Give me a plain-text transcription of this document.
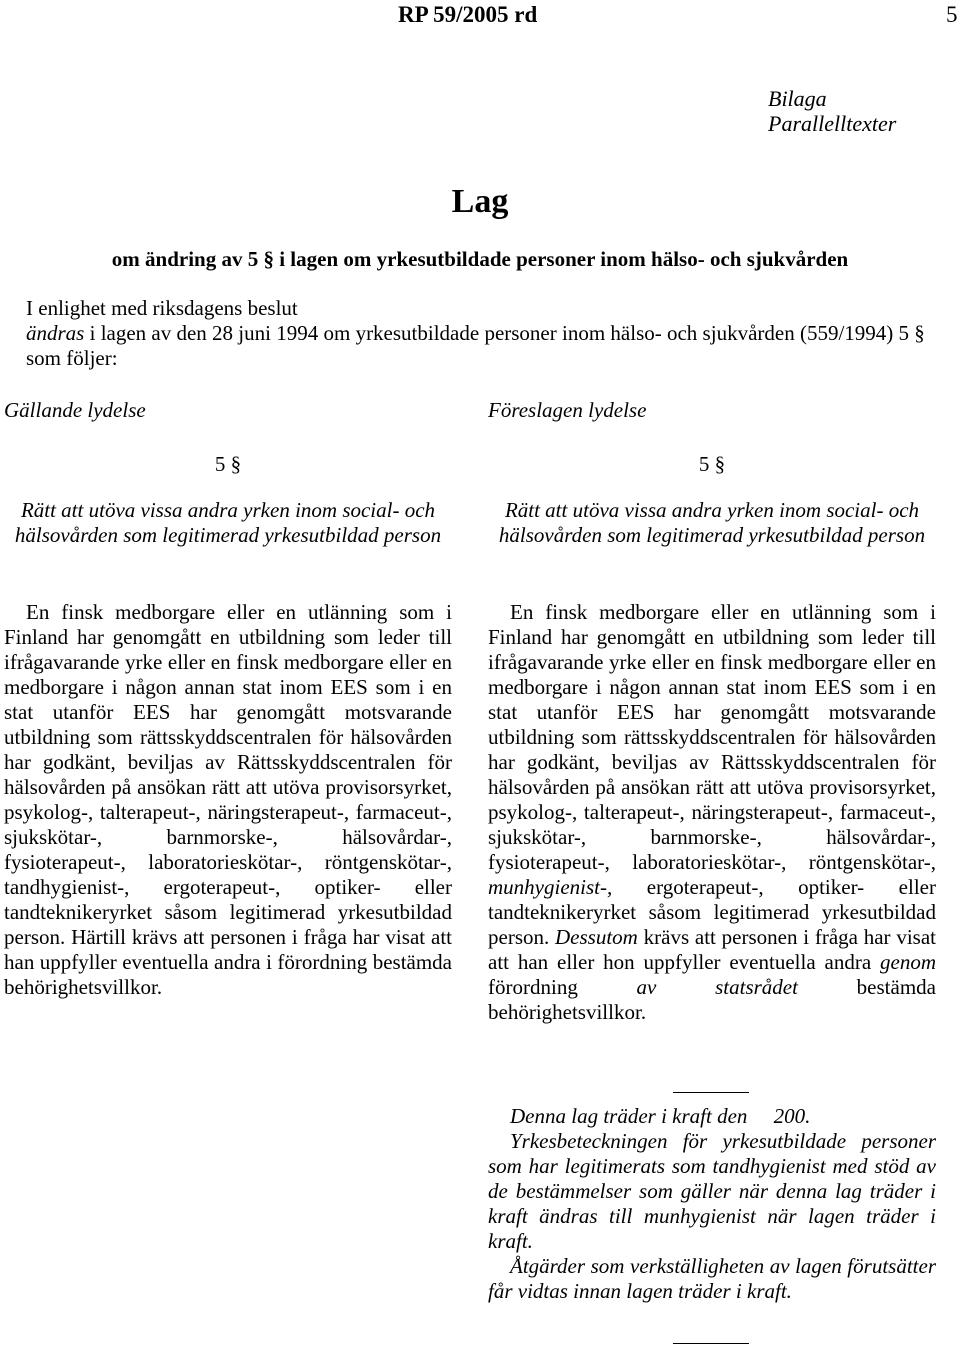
RP 59/2005 rd	5
Bilaga
Parallelltexter
Lag
om ändring av 5 § i lagen om yrkesutbildade personer inom hälso- och sjukvården

I enlighet med riksdagens beslut

ändras i lagen av den 28 juni 1994 om yrkesutbildade personer inom hälso- och sjukvården (559/1994) 5 § som följer:

Gällande lydelse
5 §
Rätt att utöva vissa andra yrken inom social- och hälsovården som legitimerad yrkesutbildad person

En finsk medborgare eller en utlänning som i Finland har genomgått en utbildning som leder till ifrågavarande yrke eller en finsk medborgare eller en medborgare i någon annan stat inom EES som i en stat utanför EES har genomgått motsvarande utbildning som rättsskyddscentralen för hälsovården har godkänt, beviljas av Rättsskyddscentralen för hälsovården på ansökan rätt att utöva provisorsyrket, psykolog-, talterapeut-, näringsterapeut-, farmaceut-, sjukskötar-, barnmorske-, hälsovårdar-, fysioterapeut-, laboratorieskötar-, röntgenskötar-, tandhygienist-, ergoterapeut-, optiker- eller tandteknikeryrket såsom legitimerad yrkesutbildad person. Härtill krävs att personen i fråga har visat att han uppfyller eventuella andra i förordning bestämda behörighetsvillkor.

Föreslagen lydelse
5 §
Rätt att utöva vissa andra yrken inom social- och hälsovården som legitimerad yrkesutbildad person

En finsk medborgare eller en utlänning som i Finland har genomgått en utbildning som leder till ifrågavarande yrke eller en finsk medborgare eller en medborgare i någon annan stat inom EES som i en stat utanför EES har genomgått motsvarande utbildning som rättsskyddscentralen för hälsovården har godkänt, beviljas av Rättsskyddscentralen för hälsovården på ansökan rätt att utöva provisorsyrket, psykolog-, talterapeut-, näringsterapeut-, farmaceut-, sjukskötar-, barnmorske-, hälsovårdar-, fysioterapeut-, laboratorieskötar-, röntgenskötar-, munhygienist-, ergoterapeut-, optiker- eller tandteknikeryrket såsom legitimerad yrkesutbildad person. Dessutom krävs att personen i fråga har visat att han eller hon uppfyller eventuella andra genom förordning av statsrådet bestämda behörighetsvillkor.

Denna lag träder i kraft den     200.

Yrkesbeteckningen för yrkesutbildade personer som har legitimerats som tandhygienist med stöd av de bestämmelser som gäller när denna lag träder i kraft ändras till munhygienist när lagen träder i kraft.

Åtgärder som verkställigheten av lagen förutsätter får vidtas innan lagen träder i kraft.
